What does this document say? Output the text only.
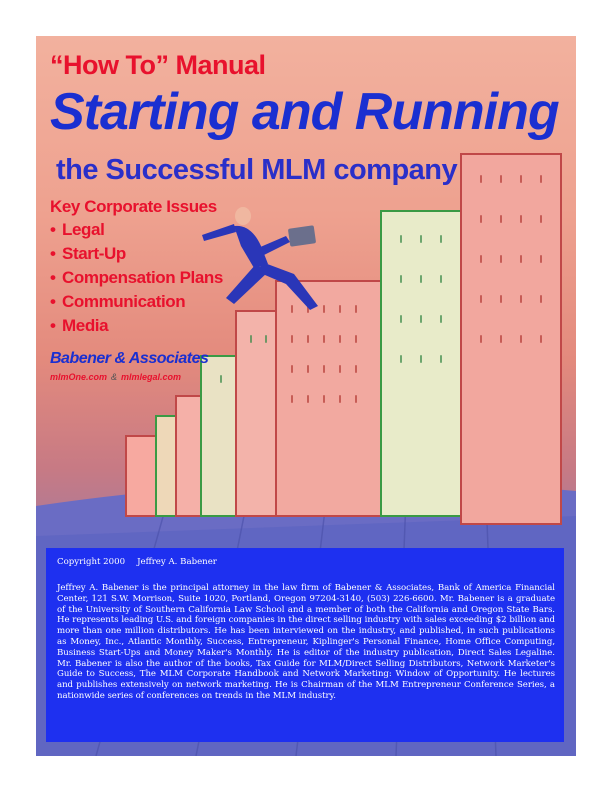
“How To” Manual
Starting and Running
the Successful MLM company
Key Corporate Issues
• Legal
• Start-Up
• Compensation Plans
• Communication
• Media
Babener & Associates
mlmOne.com & mlmlegal.com

Copyright 2000 Jeffrey A. Babener

Jeffrey A. Babener is the principal attorney in the law firm of Babener & Associates, Bank of America Financial Center, 121 S.W. Morrison, Suite 1020, Portland, Oregon 97204-3140, (503) 226-6600. Mr. Babener is a graduate of the University of Southern California Law School and a member of both the California and Oregon State Bars. He represents leading U.S. and foreign companies in the direct selling industry with sales exceeding $2 billion and more than one million distributors. He has been interviewed on the industry, and published, in such publications as Money, Inc., Atlantic Monthly, Success, Entrepreneur, Kiplinger's Personal Finance, Home Office Computing, Business Start-Ups and Money Maker's Monthly. He is editor of the industry publication, Direct Sales Legaline. Mr. Babener is also the author of the books, Tax Guide for MLM/Direct Selling Distributors, Network Marketer's Guide to Success, The MLM Corporate Handbook and Network Marketing: Window of Opportunity. He lectures and publishes extensively on network marketing. He is Chairman of the MLM Entrepreneur Conference Series, a nationwide series of conferences on trends in the MLM industry.
